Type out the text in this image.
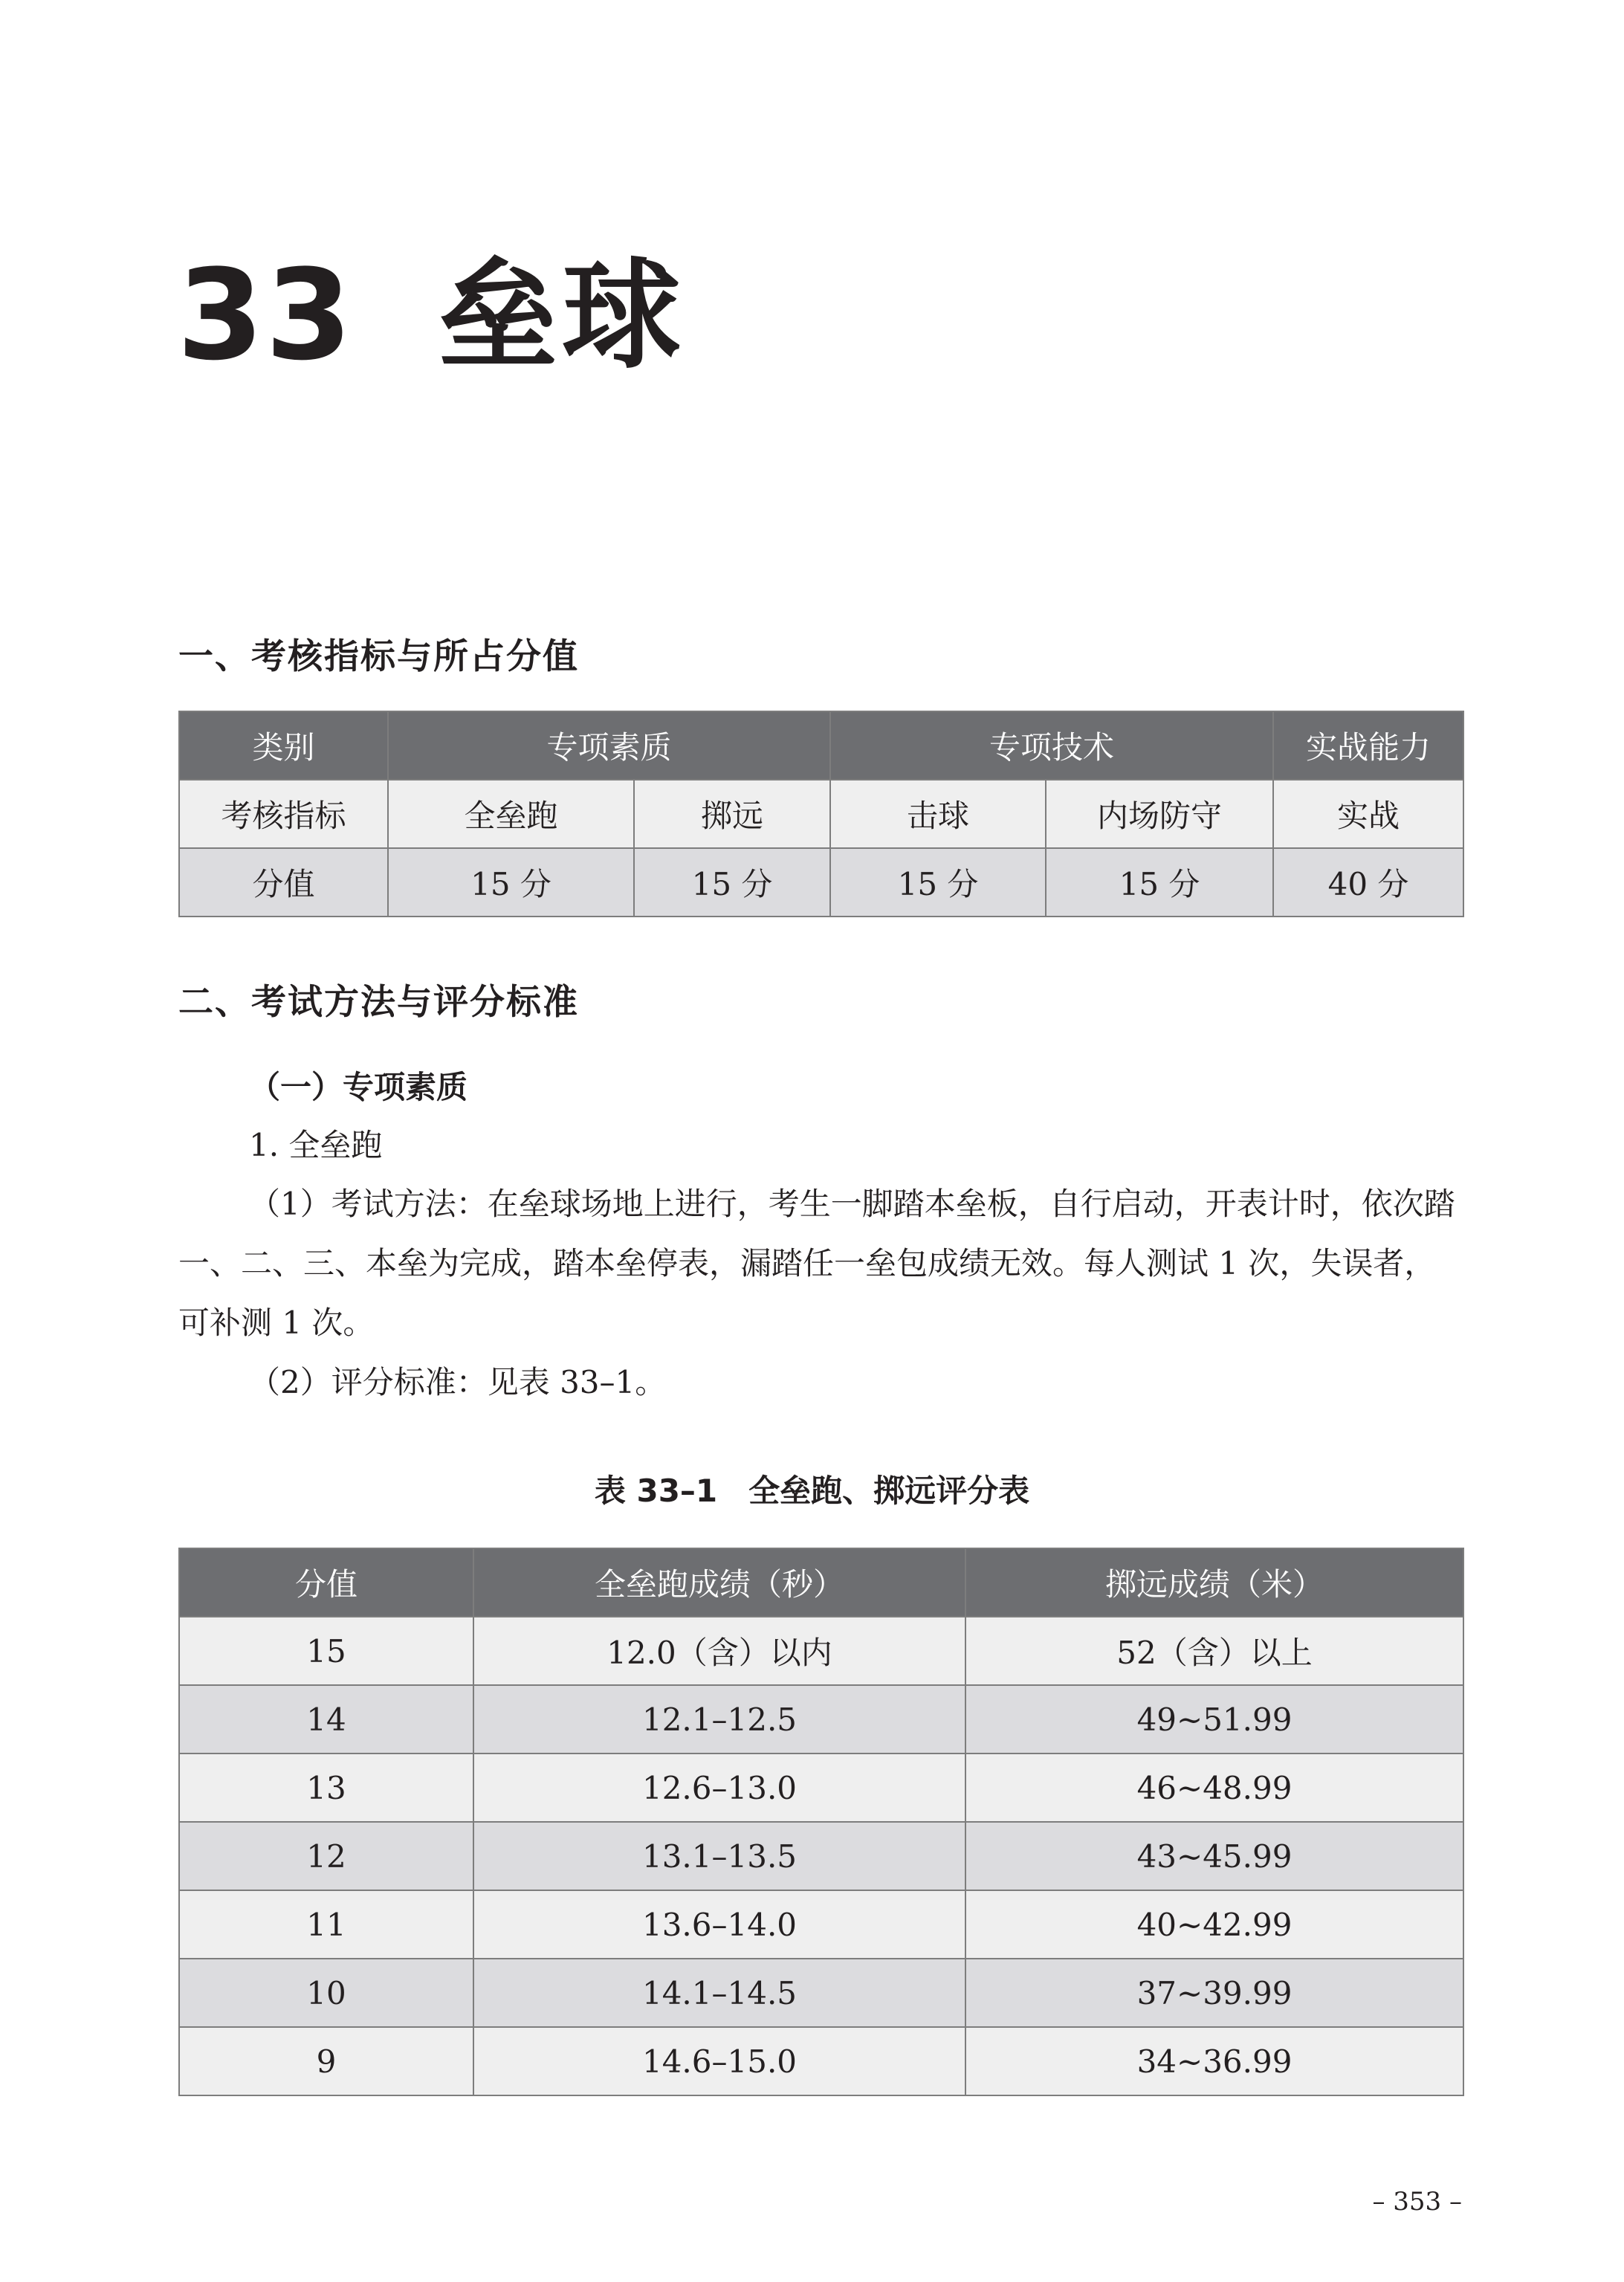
33 垒球
一、考核指标与所占分值
类别	专项素质		专项技术		实战能力
考核指标	全垒跑	掷远	击球	内场防守	实战
分值	15 分	15 分	15 分	15 分	40 分
二、考试方法与评分标准
（一）专项素质
1. 全垒跑
（1）考试方法：在垒球场地上进行，考生一脚踏本垒板，自行启动，开表计时，依次踏一、二、三、本垒为完成，踏本垒停表，漏踏任一垒包成绩无效。每人测试 1 次，失误者，可补测 1 次。
（2）评分标准：见表 33–1。
表 33–1　全垒跑、掷远评分表
分值	全垒跑成绩（秒）	掷远成绩（米）
15	12.0（含）以内	52（含）以上
14	12.1–12.5	49~51.99
13	12.6–13.0	46~48.99
12	13.1–13.5	43~45.99
11	13.6–14.0	40~42.99
10	14.1–14.5	37~39.99
9	14.6–15.0	34~36.99
– 353 –
